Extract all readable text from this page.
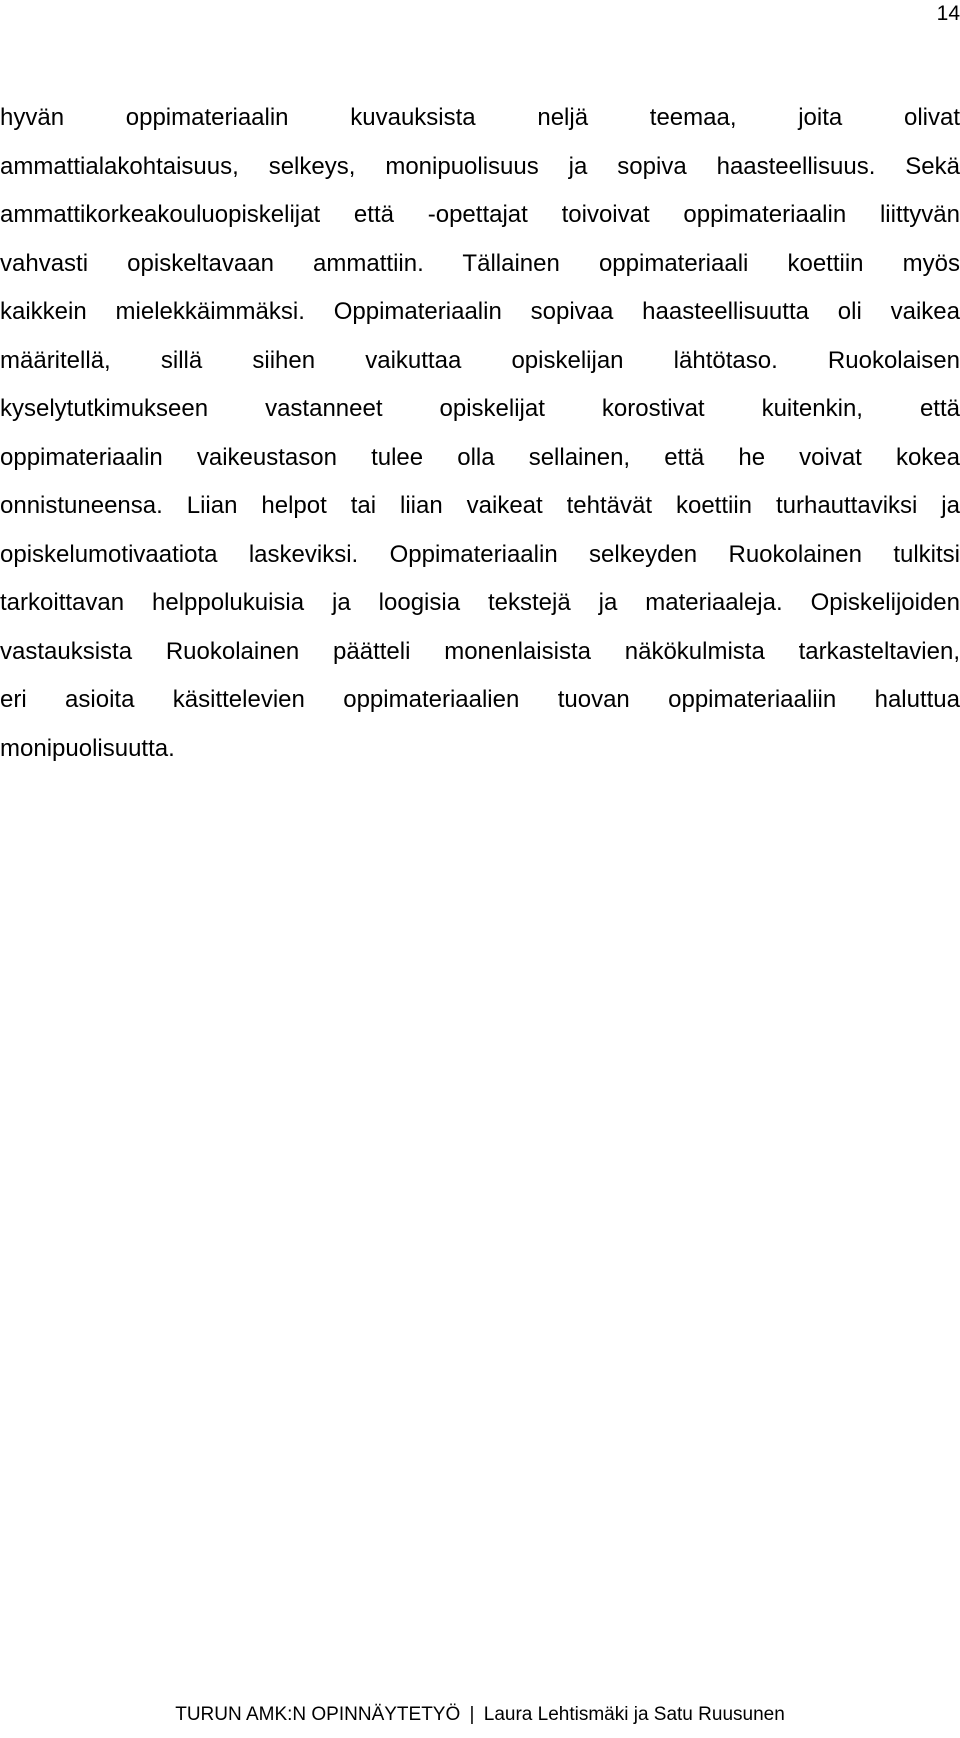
14
hyvän oppimateriaalin kuvauksista neljä teemaa, joita olivat
ammattialakohtaisuus, selkeys, monipuolisuus ja sopiva haasteellisuus. Sekä
ammattikorkeakouluopiskelijat että -opettajat toivoivat oppimateriaalin liittyvän
vahvasti opiskeltavaan ammattiin. Tällainen oppimateriaali koettiin myös
kaikkein mielekkäimmäksi. Oppimateriaalin sopivaa haasteellisuutta oli vaikea
määritellä, sillä siihen vaikuttaa opiskelijan lähtötaso. Ruokolaisen
kyselytutkimukseen vastanneet opiskelijat korostivat kuitenkin, että
oppimateriaalin vaikeustason tulee olla sellainen, että he voivat kokea
onnistuneensa. Liian helpot tai liian vaikeat tehtävät koettiin turhauttaviksi ja
opiskelumotivaatiota laskeviksi. Oppimateriaalin selkeyden Ruokolainen tulkitsi
tarkoittavan helppolukuisia ja loogisia tekstejä ja materiaaleja. Opiskelijoiden
vastauksista Ruokolainen päätteli monenlaisista näkökulmista tarkasteltavien,
eri asioita käsittelevien oppimateriaalien tuovan oppimateriaaliin haluttua
monipuolisuutta.
TURUN AMK:N OPINNÄYTETYÖ | Laura Lehtismäki ja Satu Ruusunen
